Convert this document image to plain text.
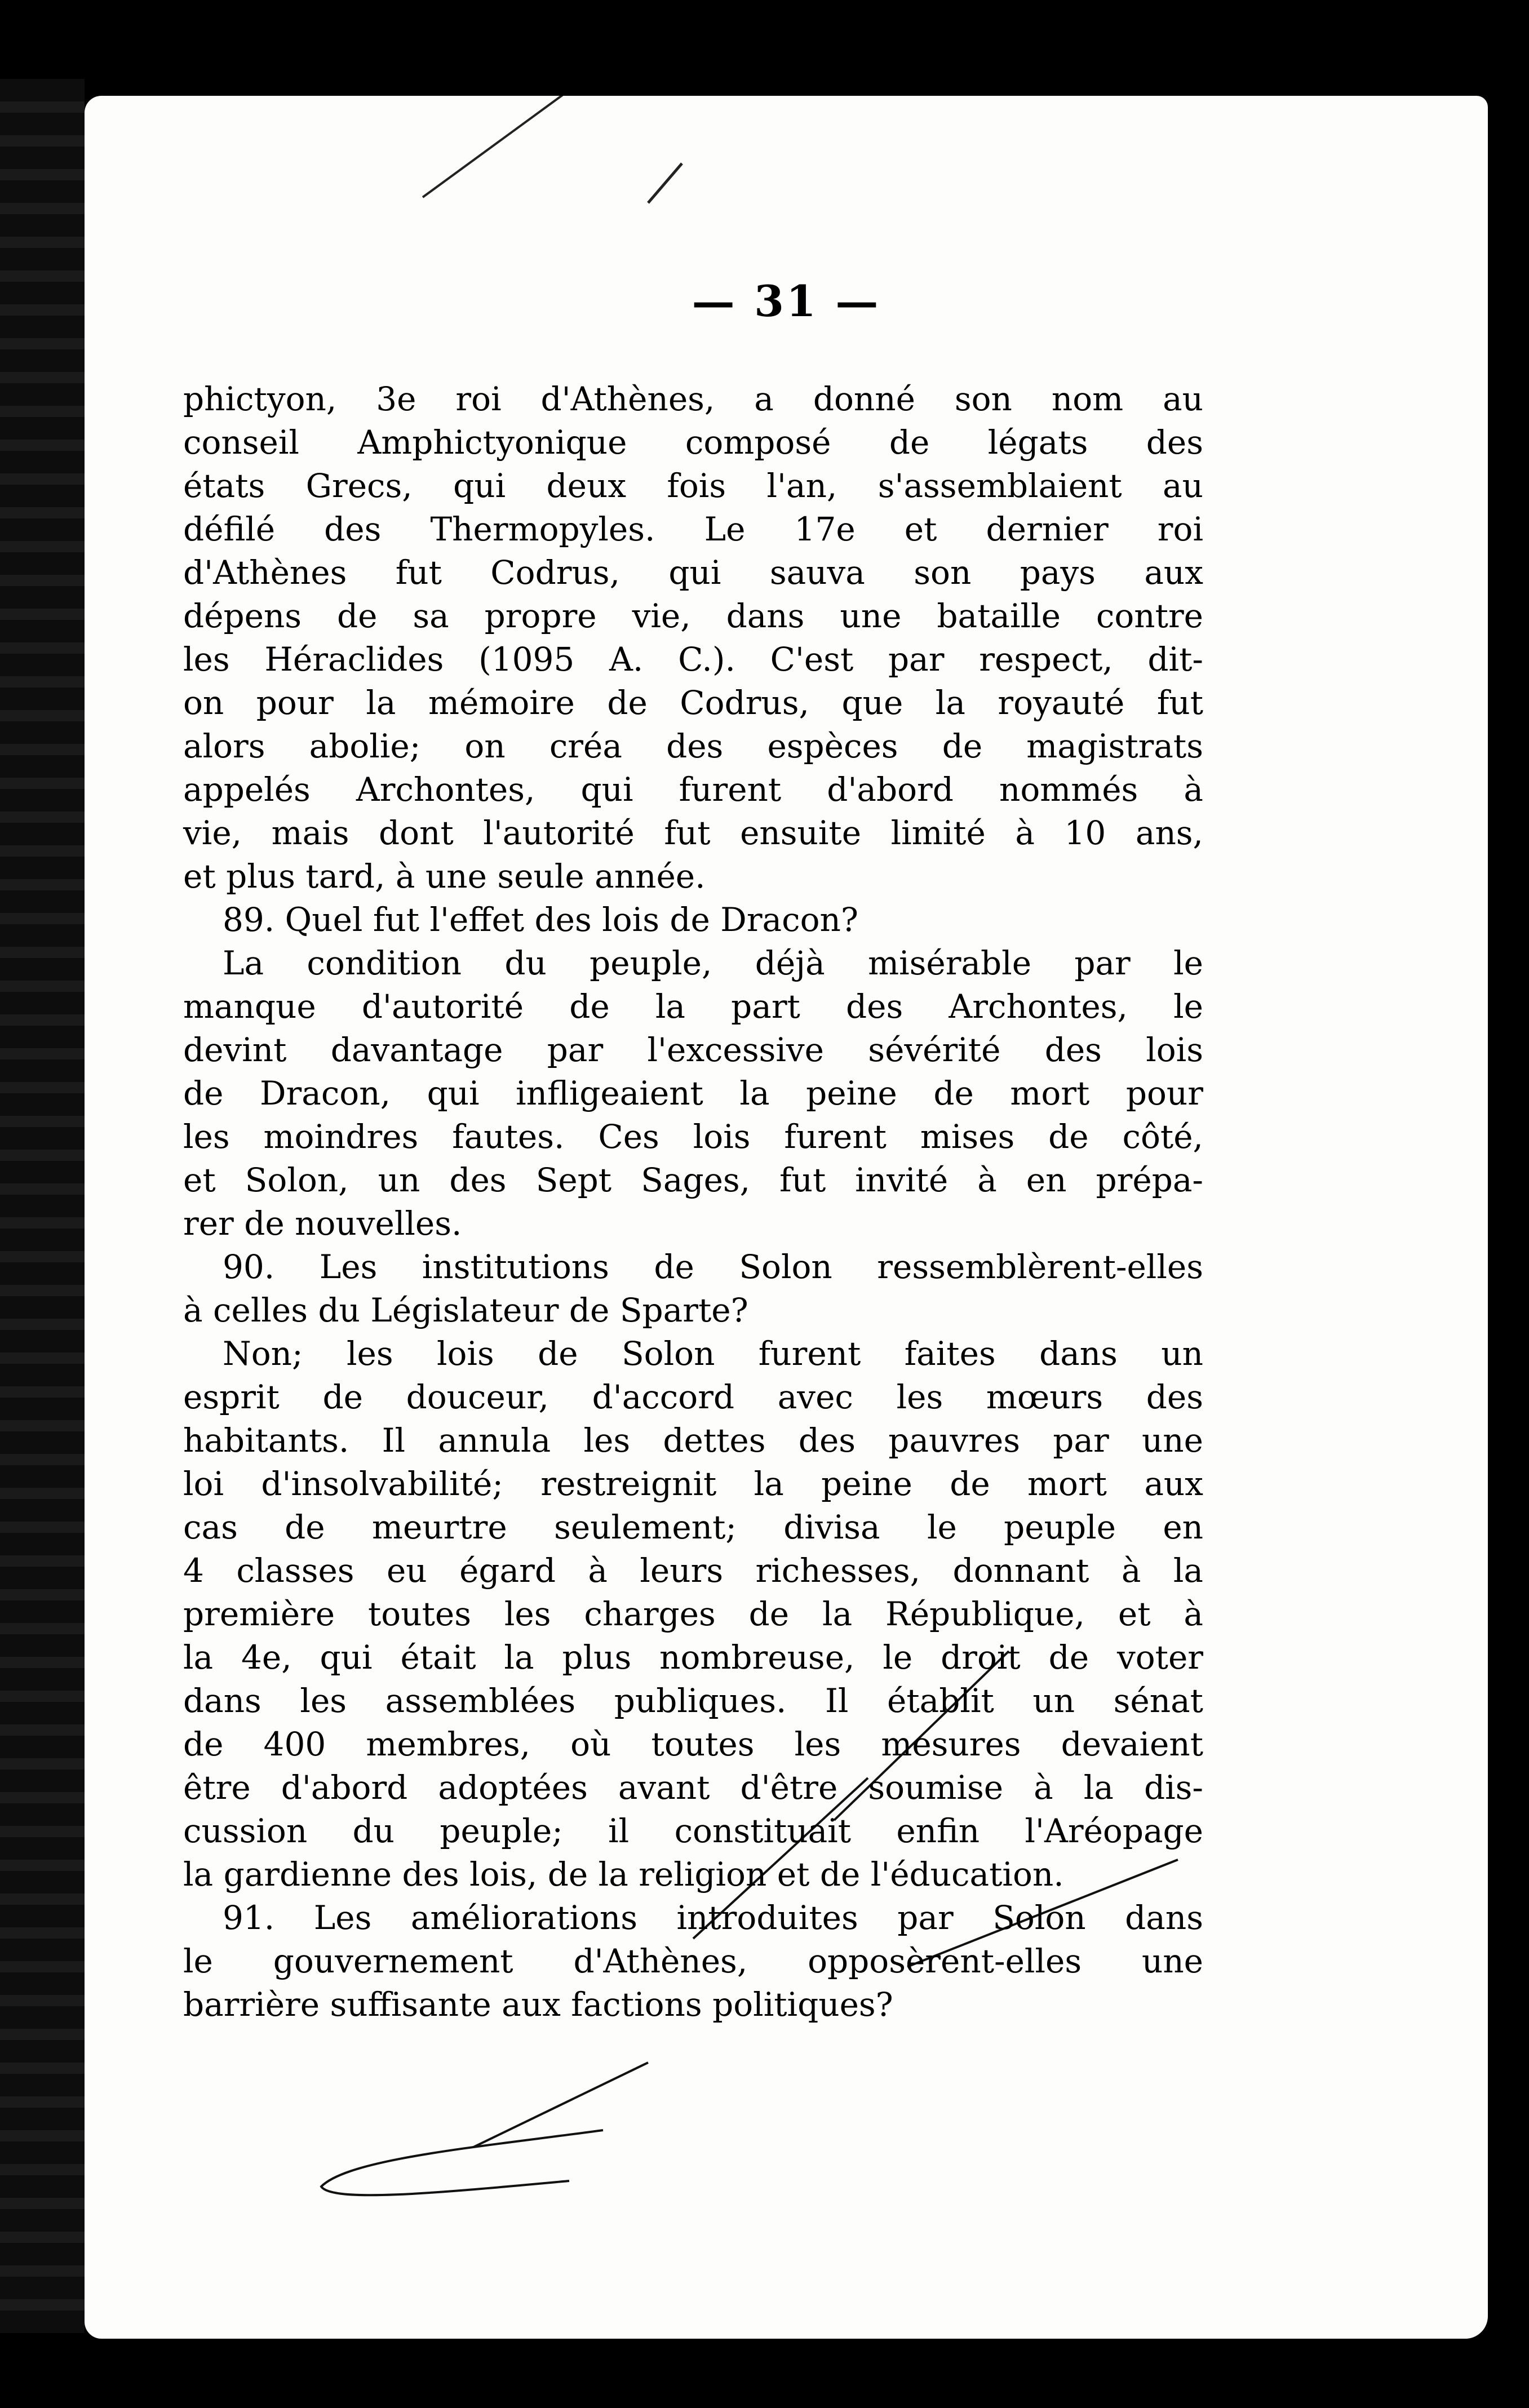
— 31 —

phictyon, 3e roi d'Athènes, a donné son nom au
conseil Amphictyonique composé de légats des
états Grecs, qui deux fois l'an, s'assemblaient au
défilé des Thermopyles. Le 17e et dernier roi
d'Athènes fut Codrus, qui sauva son pays aux
dépens de sa propre vie, dans une bataille contre
les Héraclides (1095 A. C.). C'est par respect, dit-
on pour la mémoire de Codrus, que la royauté fut
alors abolie; on créa des espèces de magistrats
appelés Archontes, qui furent d'abord nommés à
vie, mais dont l'autorité fut ensuite limité à 10 ans,
et plus tard, à une seule année.

89. Quel fut l'effet des lois de Dracon?

La condition du peuple, déjà misérable par le
manque d'autorité de la part des Archontes, le
devint davantage par l'excessive sévérité des lois
de Dracon, qui infligeaient la peine de mort pour
les moindres fautes. Ces lois furent mises de côté,
et Solon, un des Sept Sages, fut invité à en prépa-
rer de nouvelles.

90. Les institutions de Solon ressemblèrent-elles
à celles du Législateur de Sparte?

Non; les lois de Solon furent faites dans un
esprit de douceur, d'accord avec les mœurs des
habitants. Il annula les dettes des pauvres par une
loi d'insolvabilité; restreignit la peine de mort aux
cas de meurtre seulement; divisa le peuple en
4 classes eu égard à leurs richesses, donnant à la
première toutes les charges de la République, et à
la 4e, qui était la plus nombreuse, le droit de voter
dans les assemblées publiques. Il établit un sénat
de 400 membres, où toutes les mesures devaient
être d'abord adoptées avant d'être soumise à la dis-
cussion du peuple; il constituait enfin l'Aréopage
la gardienne des lois, de la religion et de l'éducation.

91. Les améliorations introduites par Solon dans
le gouvernement d'Athènes, opposèrent-elles une
barrière suffisante aux factions politiques?
